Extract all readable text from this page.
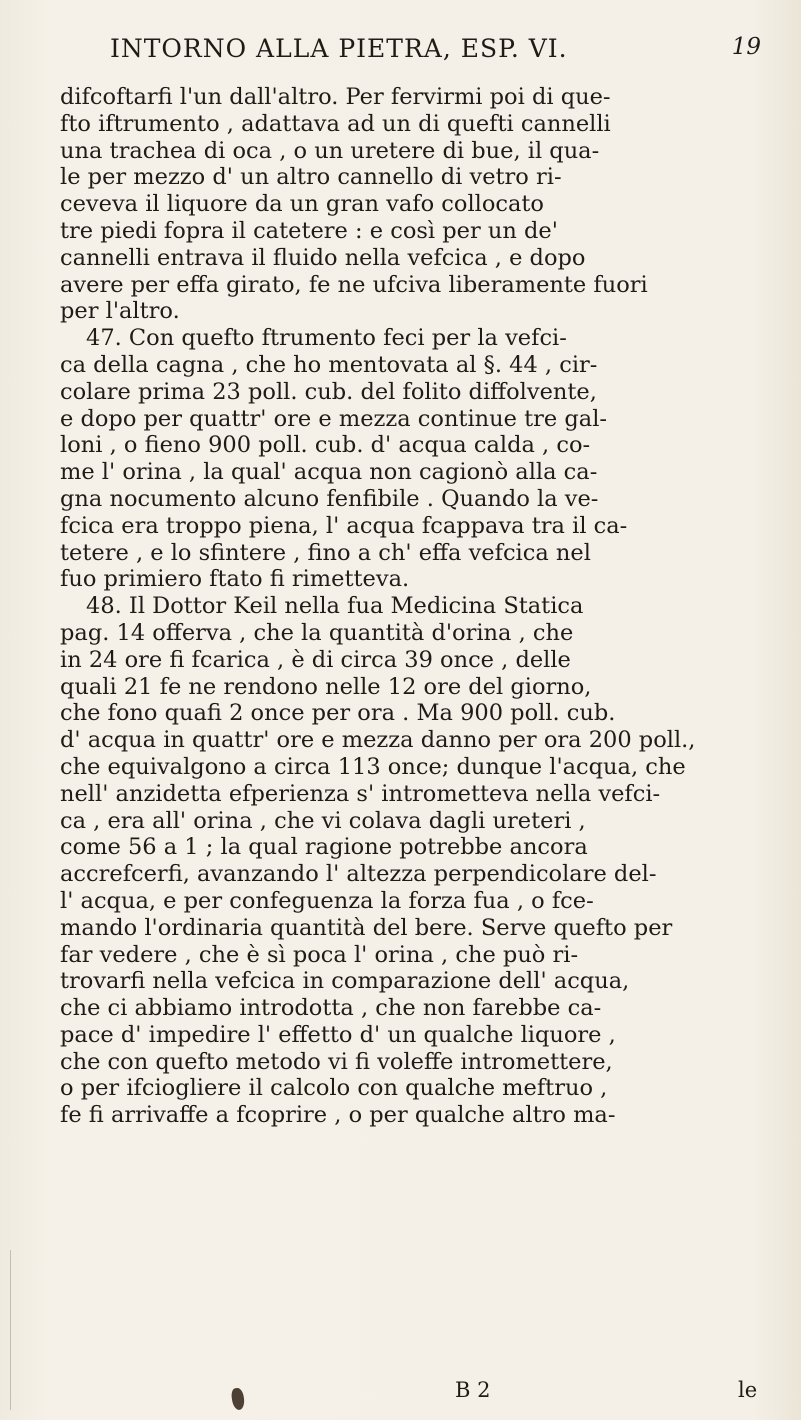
INTORNO ALLA PIETRA, ESP. VI.	19
difcoftarfi l'un dall'altro. Per fervirmi poi di que-
fto iftrumento , adattava ad un di quefti cannelli
una trachea di oca , o un uretere di bue, il qua-
le per mezzo d' un altro cannello di vetro ri-
ceveva il liquore da un gran vafo collocato
tre piedi fopra il catetere : e così per un de'
cannelli entrava il fluido nella vefcica , e dopo
avere per effa girato, fe ne ufciva liberamente fuori
per l'altro.
47. Con quefto ftrumento feci per la vefci-
ca della cagna , che ho mentovata al §. 44 , cir-
colare prima 23 poll. cub. del folito diffolvente,
e dopo per quattr' ore e mezza continue tre gal-
loni , o fieno 900 poll. cub. d' acqua calda , co-
me l' orina , la qual' acqua non cagionò alla ca-
gna nocumento alcuno fenfibile . Quando la ve-
fcica era troppo piena, l' acqua fcappava tra il ca-
tetere , e lo sfintere , fino a ch' effa vefcica nel
fuo primiero ftato fi rimetteva.
48. Il Dottor Keil nella fua Medicina Statica
pag. 14 offerva , che la quantità d'orina , che
in 24 ore fi fcarica , è di circa 39 once , delle
quali 21 fe ne rendono nelle 12 ore del giorno,
che fono quafi 2 once per ora . Ma 900 poll. cub.
d' acqua in quattr' ore e mezza danno per ora 200 poll.,
che equivalgono a circa 113 once; dunque l'acqua, che
nell' anzidetta efperienza s' intrometteva nella vefci-
ca , era all' orina , che vi colava dagli ureteri ,
come 56 a 1 ; la qual ragione potrebbe ancora
accrefcerfi, avanzando l' altezza perpendicolare del-
l' acqua, e per confeguenza la forza fua , o fce-
mando l'ordinaria quantità del bere. Serve quefto per
far vedere , che è sì poca l' orina , che può ri-
trovarfi nella vefcica in comparazione dell' acqua,
che ci abbiamo introdotta , che non farebbe ca-
pace d' impedire l' effetto d' un qualche liquore ,
che con quefto metodo vi fi voleffe intromettere,
o per ifciogliere il calcolo con qualche meftruo ,
fe fi arrivaffe a fcoprire , o per qualche altro ma-
B 2	le
